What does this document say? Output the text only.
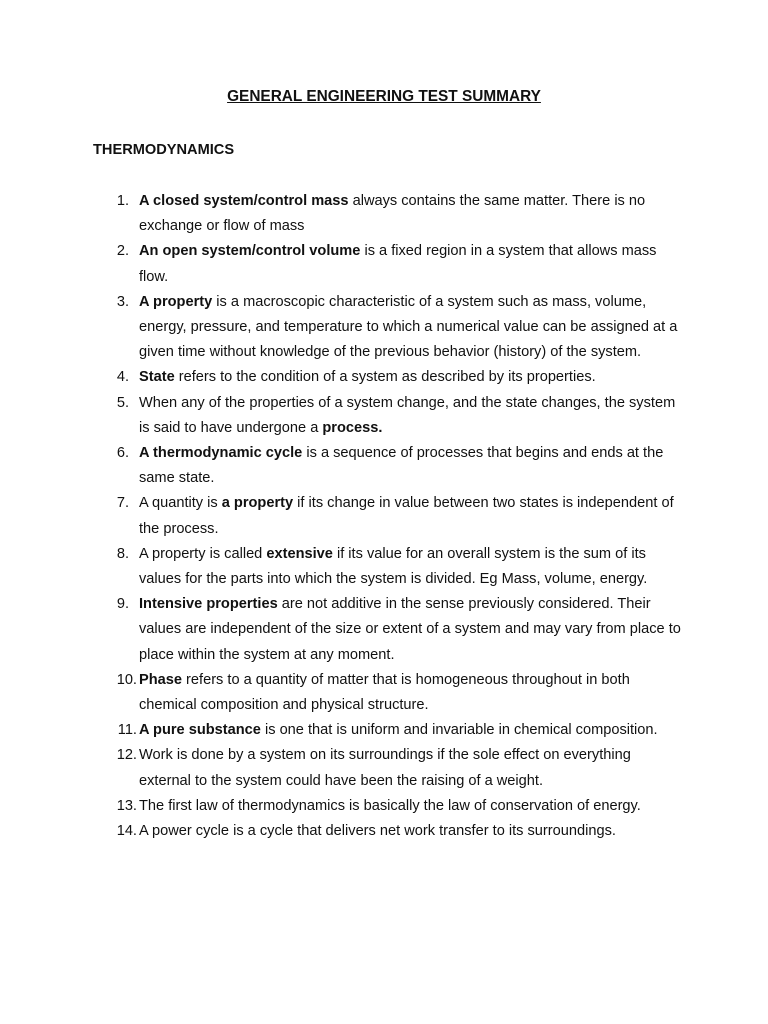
GENERAL ENGINEERING TEST SUMMARY
THERMODYNAMICS
1. A closed system/control mass always contains the same matter. There is no exchange or flow of mass
2. An open system/control volume is a fixed region in a system that allows mass flow.
3. A property is a macroscopic characteristic of a system such as mass, volume, energy, pressure, and temperature to which a numerical value can be assigned at a given time without knowledge of the previous behavior (history) of the system.
4. State refers to the condition of a system as described by its properties.
5. When any of the properties of a system change, and the state changes, the system is said to have undergone a process.
6. A thermodynamic cycle is a sequence of processes that begins and ends at the same state.
7. A quantity is a property if its change in value between two states is independent of the process.
8. A property is called extensive if its value for an overall system is the sum of its values for the parts into which the system is divided. Eg Mass, volume, energy.
9. Intensive properties are not additive in the sense previously considered. Their values are independent of the size or extent of a system and may vary from place to place within the system at any moment.
10. Phase refers to a quantity of matter that is homogeneous throughout in both chemical composition and physical structure.
11. A pure substance is one that is uniform and invariable in chemical composition.
12. Work is done by a system on its surroundings if the sole effect on everything external to the system could have been the raising of a weight.
13. The first law of thermodynamics is basically the law of conservation of energy.
14. A power cycle is a cycle that delivers net work transfer to its surroundings.
